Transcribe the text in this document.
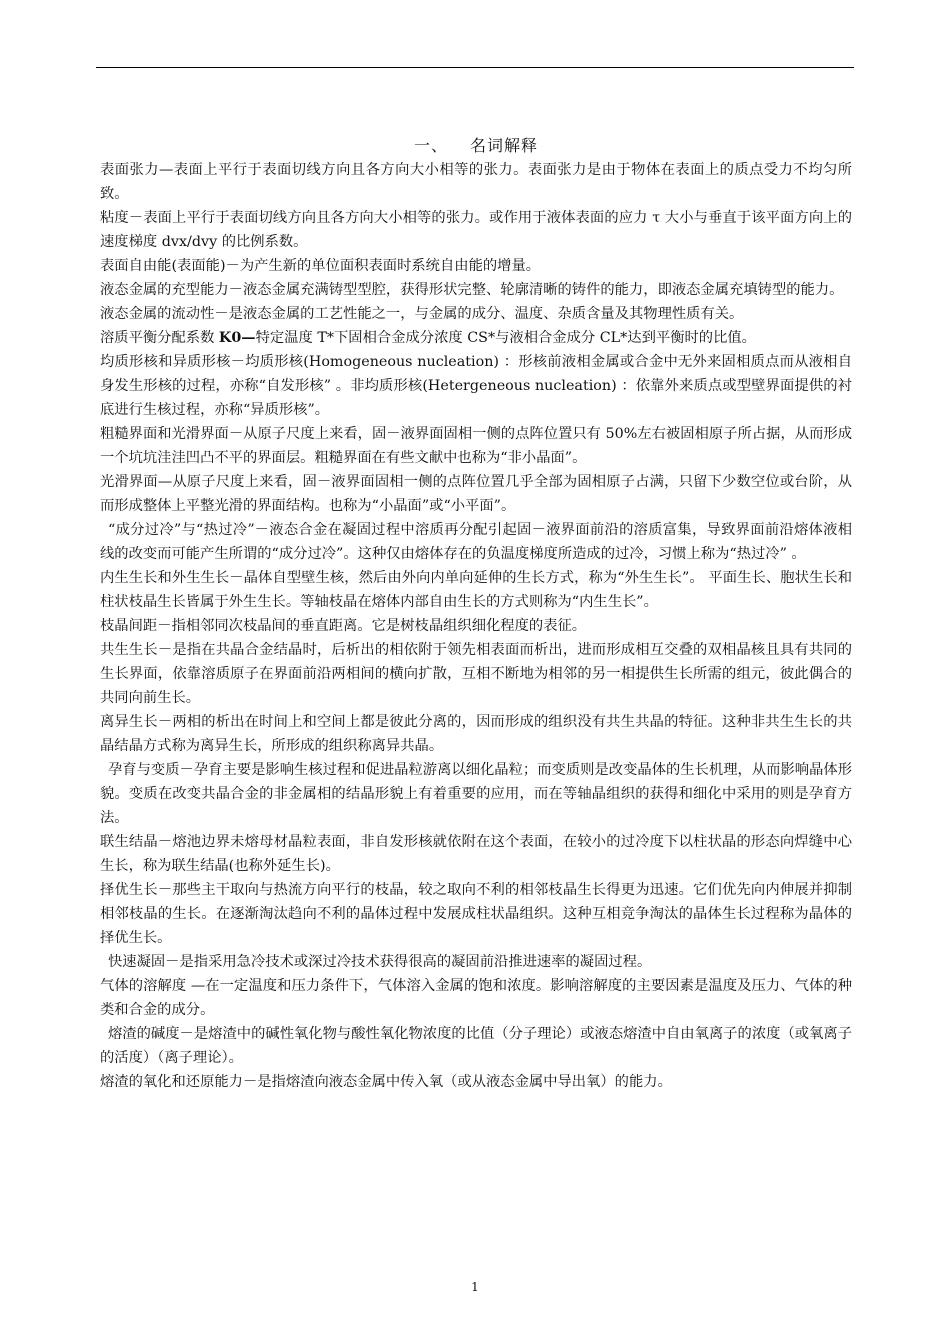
一、 名词解释

表面张力—表面上平行于表面切线方向且各方向大小相等的张力。表面张力是由于物体在表面上的质点受力不均匀所致。

粘度－表面上平行于表面切线方向且各方向大小相等的张力。或作用于液体表面的应力 τ 大小与垂直于该平面方向上的速度梯度 dvx/dvy 的比例系数。

表面自由能(表面能)－为产生新的单位面积表面时系统自由能的增量。

液态金属的充型能力－液态金属充满铸型型腔，获得形状完整、轮廓清晰的铸件的能力，即液态金属充填铸型的能力。

液态金属的流动性－是液态金属的工艺性能之一，与金属的成分、温度、杂质含量及其物理性质有关。

溶质平衡分配系数 K0—特定温度 T*下固相合金成分浓度 CS*与液相合金成分 CL*达到平衡时的比值。

均质形核和异质形核－均质形核(Homogeneous nucleation) ：形核前液相金属或合金中无外来固相质点而从液相自身发生形核的过程，亦称“自发形核” 。非均质形核(Hetergeneous nucleation) ：依靠外来质点或型壁界面提供的衬底进行生核过程，亦称“异质形核”。

粗糙界面和光滑界面－从原子尺度上来看，固－液界面固相一侧的点阵位置只有 50%左右被固相原子所占据，从而形成一个坑坑洼洼凹凸不平的界面层。粗糙界面在有些文献中也称为“非小晶面”。

光滑界面—从原子尺度上来看，固－液界面固相一侧的点阵位置几乎全部为固相原子占满，只留下少数空位或台阶，从而形成整体上平整光滑的界面结构。也称为“小晶面”或“小平面”。

“成分过冷”与“热过冷”－液态合金在凝固过程中溶质再分配引起固－液界面前沿的溶质富集，导致界面前沿熔体液相线的改变而可能产生所谓的“成分过冷”。这种仅由熔体存在的负温度梯度所造成的过冷，习惯上称为“热过冷” 。

内生生长和外生生长－晶体自型壁生核，然后由外向内单向延伸的生长方式，称为“外生生长”。 平面生长、胞状生长和柱状枝晶生长皆属于外生生长。等轴枝晶在熔体内部自由生长的方式则称为“内生生长”。

枝晶间距－指相邻同次枝晶间的垂直距离。它是树枝晶组织细化程度的表征。

共生生长－是指在共晶合金结晶时，后析出的相依附于领先相表面而析出，进而形成相互交叠的双相晶核且具有共同的生长界面，依靠溶质原子在界面前沿两相间的横向扩散，互相不断地为相邻的另一相提供生长所需的组元，彼此偶合的共同向前生长。

离异生长－两相的析出在时间上和空间上都是彼此分离的，因而形成的组织没有共生共晶的特征。这种非共生生长的共晶结晶方式称为离异生长，所形成的组织称离异共晶。

孕育与变质－孕育主要是影响生核过程和促进晶粒游离以细化晶粒；而变质则是改变晶体的生长机理，从而影响晶体形貌。变质在改变共晶合金的非金属相的结晶形貌上有着重要的应用，而在等轴晶组织的获得和细化中采用的则是孕育方法。

联生结晶－熔池边界未熔母材晶粒表面，非自发形核就依附在这个表面，在较小的过冷度下以柱状晶的形态向焊缝中心生长，称为联生结晶(也称外延生长)。

择优生长－那些主干取向与热流方向平行的枝晶，较之取向不利的相邻枝晶生长得更为迅速。它们优先向内伸展并抑制相邻枝晶的生长。在逐渐淘汰趋向不利的晶体过程中发展成柱状晶组织。这种互相竞争淘汰的晶体生长过程称为晶体的择优生长。

快速凝固－是指采用急冷技术或深过冷技术获得很高的凝固前沿推进速率的凝固过程。

气体的溶解度 —在一定温度和压力条件下，气体溶入金属的饱和浓度。影响溶解度的主要因素是温度及压力、气体的种类和合金的成分。

熔渣的碱度－是熔渣中的碱性氧化物与酸性氧化物浓度的比值（分子理论）或液态熔渣中自由氧离子的浓度（或氧离子的活度）（离子理论）。

熔渣的氧化和还原能力－是指熔渣向液态金属中传入氧（或从液态金属中导出氧）的能力。

1
